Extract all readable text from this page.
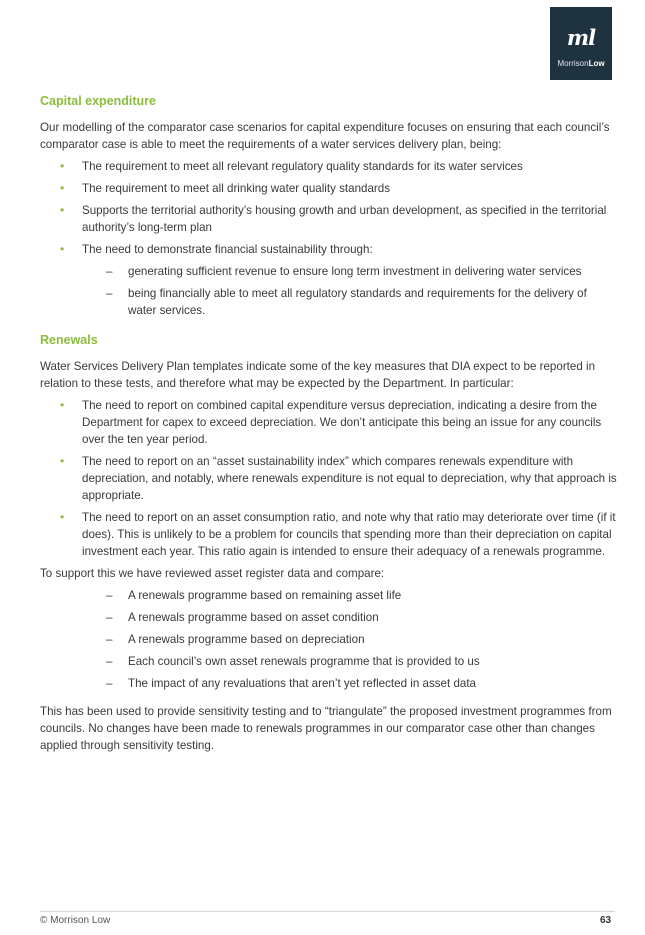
ml
MorrisonLow
Capital expenditure

Our modelling of the comparator case scenarios for capital expenditure focuses on ensuring that each council’s comparator case is able to meet the requirements of a water services delivery plan, being:

• The requirement to meet all relevant regulatory quality standards for its water services
• The requirement to meet all drinking water quality standards
• Supports the territorial authority’s housing growth and urban development, as specified in the territorial authority’s long-term plan
• The need to demonstrate financial sustainability through:
– generating sufficient revenue to ensure long term investment in delivering water services
– being financially able to meet all regulatory standards and requirements for the delivery of water services.
Renewals

Water Services Delivery Plan templates indicate some of the key measures that DIA expect to be reported in relation to these tests, and therefore what may be expected by the Department. In particular:

• The need to report on combined capital expenditure versus depreciation, indicating a desire from the Department for capex to exceed depreciation. We don’t anticipate this being an issue for any councils over the ten year period.
• The need to report on an “asset sustainability index” which compares renewals expenditure with depreciation, and notably, where renewals expenditure is not equal to depreciation, why that approach is appropriate.
• The need to report on an asset consumption ratio, and note why that ratio may deteriorate over time (if it does). This is unlikely to be a problem for councils that spending more than their depreciation on capital investment each year. This ratio again is intended to ensure their adequacy of a renewals programme.

To support this we have reviewed asset register data and compare:

– A renewals programme based on remaining asset life
– A renewals programme based on asset condition
– A renewals programme based on depreciation
– Each council’s own asset renewals programme that is provided to us
– The impact of any revaluations that aren’t yet reflected in asset data

This has been used to provide sensitivity testing and to “triangulate” the proposed investment programmes from councils. No changes have been made to renewals programmes in our comparator case other than changes applied through sensitivity testing.

© Morrison Low	63
